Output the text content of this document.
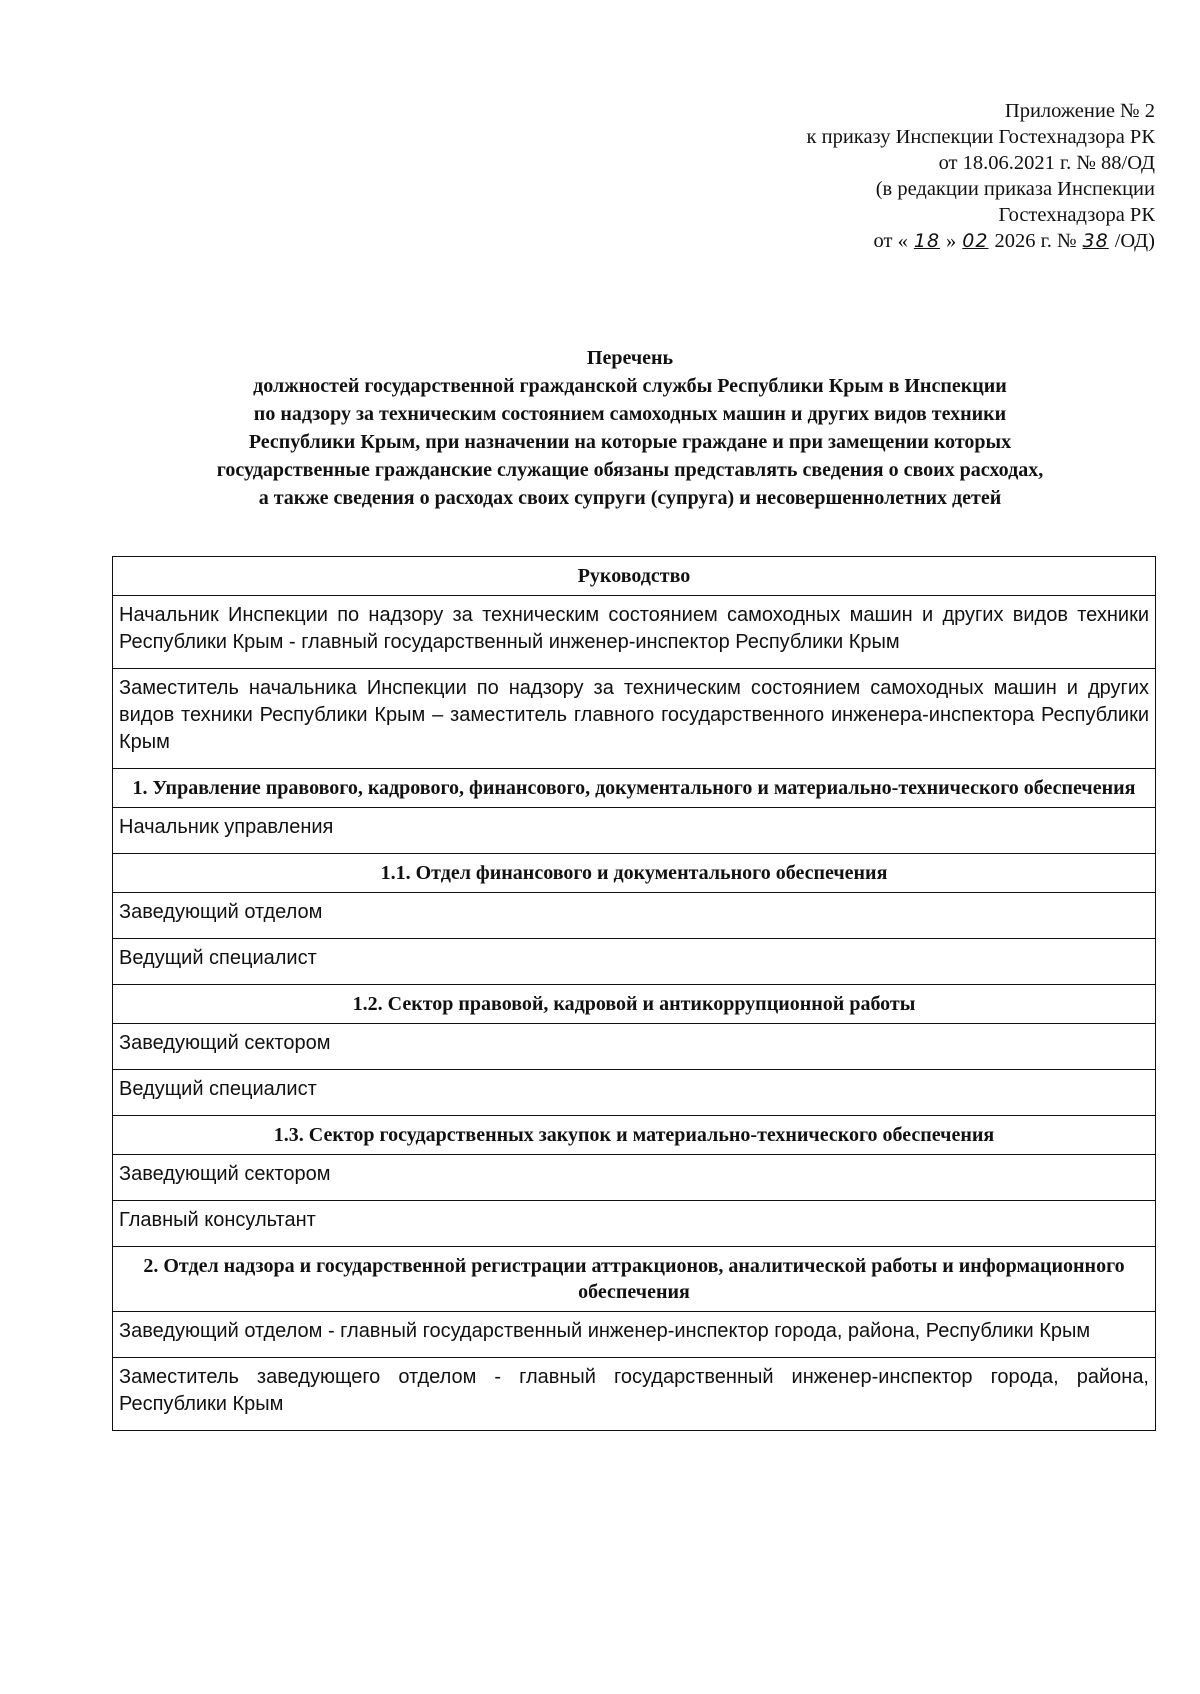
Приложение № 2
к приказу Инспекции Гостехнадзора РК
от 18.06.2021 г. № 88/ОД
(в редакции приказа Инспекции
Гостехнадзора РК
от « 18 » 02 2026 г. № 38 /ОД)
Перечень
должностей государственной гражданской службы Республики Крым в Инспекции
по надзору за техническим состоянием самоходных машин и других видов техники
Республики Крым, при назначении на которые граждане и при замещении которых
государственные гражданские служащие обязаны представлять сведения о своих расходах,
а также сведения о расходах своих супруги (супруга) и несовершеннолетних детей
Руководство
Начальник Инспекции по надзору за техническим состоянием самоходных машин и других видов техники Республики Крым - главный государственный инженер-инспектор Республики Крым
Заместитель начальника Инспекции по надзору за техническим состоянием самоходных машин и других видов техники Республики Крым – заместитель главного государственного инженера-инспектора Республики Крым
1. Управление правового, кадрового, финансового, документального и материально-технического обеспечения
Начальник управления
1.1. Отдел финансового и документального обеспечения
Заведующий отделом
Ведущий специалист
1.2. Сектор правовой, кадровой и антикоррупционной работы
Заведующий сектором
Ведущий специалист
1.3. Сектор государственных закупок и материально-технического обеспечения
Заведующий сектором
Главный консультант
2. Отдел надзора и государственной регистрации аттракционов, аналитической работы и информационного обеспечения
Заведующий отделом - главный государственный инженер-инспектор города, района, Республики Крым
Заместитель заведующего отделом - главный государственный инженер-инспектор города, района, Республики Крым
